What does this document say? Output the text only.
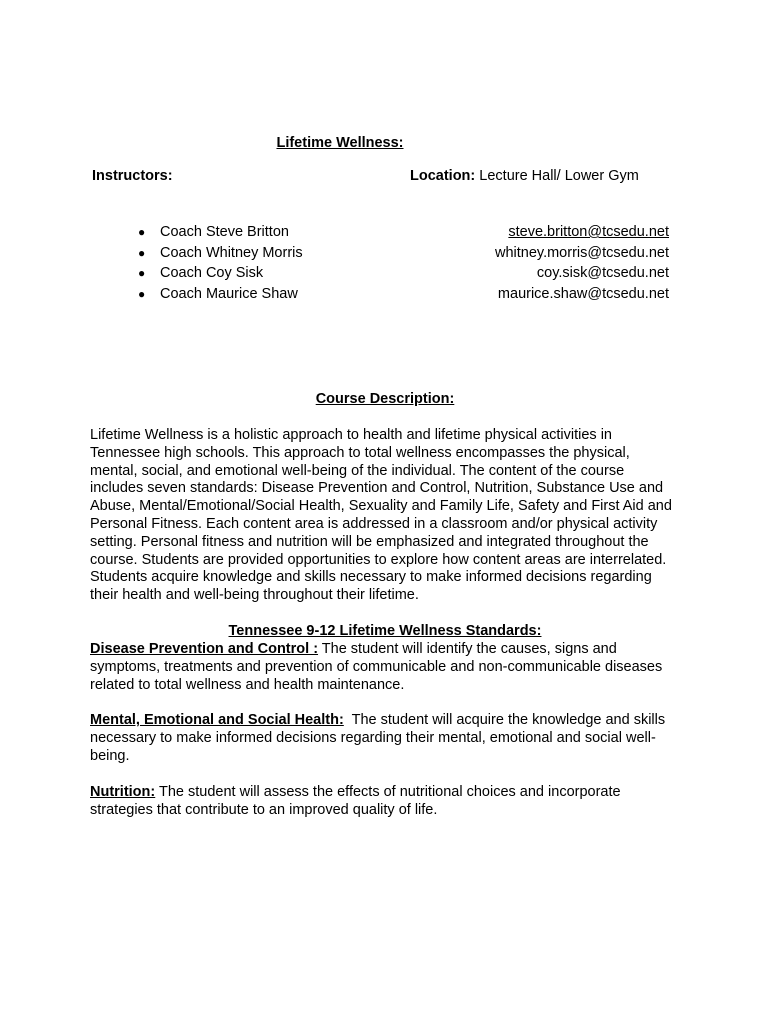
Lifetime Wellness:
Instructors:	Location: Lecture Hall/ Lower Gym
● Coach Steve Britton	steve.britton@tcsedu.net
● Coach Whitney Morris	whitney.morris@tcsedu.net
● Coach Coy Sisk	coy.sisk@tcsedu.net
● Coach Maurice Shaw	maurice.shaw@tcsedu.net
Course Description:
Lifetime Wellness is a holistic approach to health and lifetime physical activities in Tennessee high schools. This approach to total wellness encompasses the physical, mental, social, and emotional well-being of the individual. The content of the course includes seven standards: Disease Prevention and Control, Nutrition, Substance Use and Abuse, Mental/Emotional/Social Health, Sexuality and Family Life, Safety and First Aid and Personal Fitness. Each content area is addressed in a classroom and/or physical activity setting. Personal fitness and nutrition will be emphasized and integrated throughout the course. Students are provided opportunities to explore how content areas are interrelated. Students acquire knowledge and skills necessary to make informed decisions regarding their health and well-being throughout their lifetime.
Tennessee 9-12 Lifetime Wellness Standards:
Disease Prevention and Control : The student will identify the causes, signs and symptoms, treatments and prevention of communicable and non-communicable diseases related to total wellness and health maintenance.
Mental, Emotional and Social Health:  The student will acquire the knowledge and skills necessary to make informed decisions regarding their mental, emotional and social well-being.
Nutrition: The student will assess the effects of nutritional choices and incorporate strategies that contribute to an improved quality of life.
